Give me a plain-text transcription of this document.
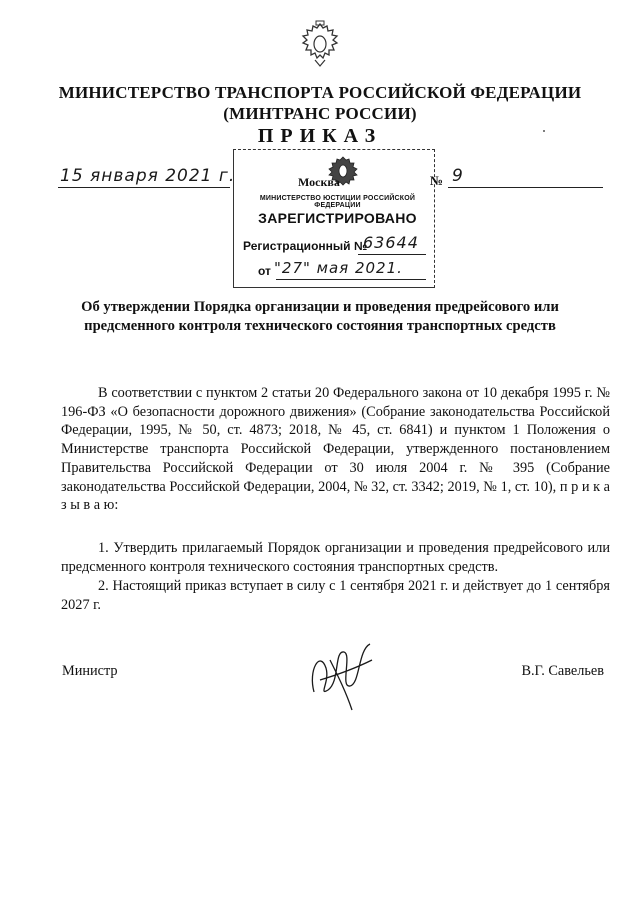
МИНИСТЕРСТВО ТРАНСПОРТА РОССИЙСКОЙ ФЕДЕРАЦИИ
(МИНТРАНС РОССИИ)
ПРИКАЗ
15 января 2021 г.	Москва	№ 9
МИНИСТЕРСТВО ЮСТИЦИИ РОССИЙСКОЙ ФЕДЕРАЦИИ
ЗАРЕГИСТРИРОВАНО
Регистрационный №
63644
от "27" мая 2021.
Об утверждении Порядка организации и проведения предрейсового или предсменного контроля технического состояния транспортных средств
В соответствии с пунктом 2 статьи 20 Федерального закона от 10 декабря 1995 г. № 196-ФЗ «О безопасности дорожного движения» (Собрание законодательства Российской Федерации, 1995, № 50, ст. 4873; 2018, № 45, ст. 6841) и пунктом 1 Положения о Министерстве транспорта Российской Федерации, утвержденного постановлением Правительства Российской Федерации от 30 июля 2004 г. № 395 (Собрание законодательства Российской Федерации, 2004, № 32, ст. 3342; 2019, № 1, ст. 10), п р и к а з ы в а ю:
1. Утвердить прилагаемый Порядок организации и проведения предрейсового или предсменного контроля технического состояния транспортных средств.
2. Настоящий приказ вступает в силу с 1 сентября 2021 г. и действует до 1 сентября 2027 г.
Министр	В.Г. Савельев
